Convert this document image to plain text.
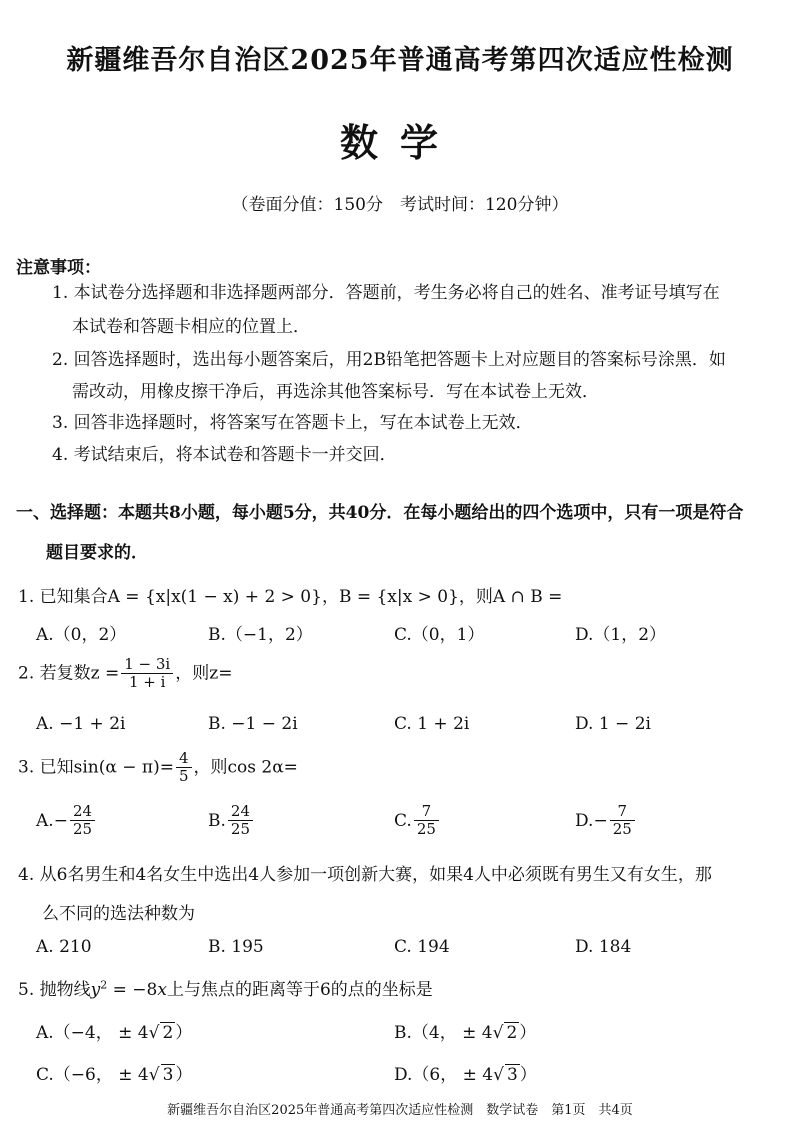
新疆维吾尔自治区2025年普通高考第四次适应性检测
数学
（卷面分值：150分　考试时间：120分钟）
注意事项：
1. 本试卷分选择题和非选择题两部分．答题前，考生务必将自己的姓名、准考证号填写在
本试卷和答题卡相应的位置上．
2. 回答选择题时，选出每小题答案后，用2B铅笔把答题卡上对应题目的答案标号涂黑．如
需改动，用橡皮擦干净后，再选涂其他答案标号．写在本试卷上无效．
3. 回答非选择题时，将答案写在答题卡上，写在本试卷上无效．
4. 考试结束后，将本试卷和答题卡一并交回．
一、选择题：本题共8小题，每小题5分，共40分．在每小题给出的四个选项中，只有一项是符合
题目要求的．
1. 已知集合A = {x|x(1 − x) + 2 > 0}，B = {x|x > 0}，则A ∩ B =
A.（0，2）	B.（−1，2）	C.（0，1）	D.（1，2）
2. 若复数$z = \frac{1 - 3i}{1 + i}$ ，则z=
A. −1 + 2i	B. −1 − 2i	C. 1 + 2i	D. 1 − 2i
3. 已知$\sin(\alpha - \pi)= \frac{4}{5}$ ，则cos 2α=
$A.- \frac{24}{25}$	B. $\frac{24}{25}$	C. $\frac{7}{25}$	$D.- \frac{7}{25}$
4. 从6名男生和4名女生中选出4人参加一项创新大赛，如果4人中必须既有男生又有女生，那
么不同的选法种数为
A. 210	B. 195	C. 194	D. 184
5. 抛物线$y^2 = -8x$上与焦点的距离等于6的点的坐标是
A.（−4， ± 4√ 2 ）	B.（4， ± 4√ 2 ）
C.（−6， ± 4√ 3 ）	D.（6， ± 4√ 3 ）
新疆维吾尔自治区2025年普通高考第四次适应性检测　数学试卷　第1页　共4页
